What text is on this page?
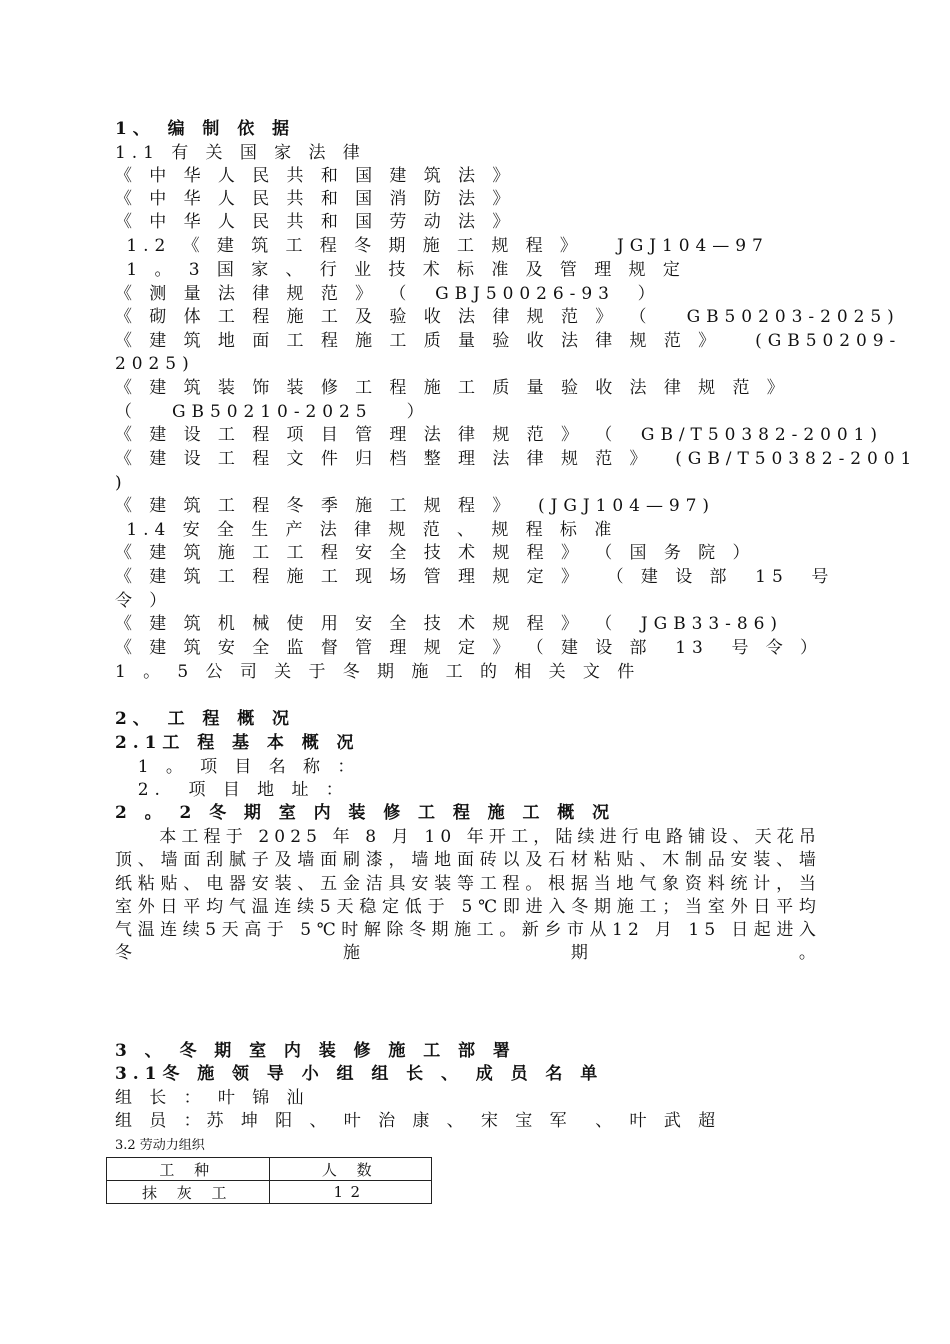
1、 编 制 依 据
1.1 有 关 国 家 法 律
《 中 华 人 民 共 和 国 建 筑 法 》
《 中 华 人 民 共 和 国 消 防 法 》
《 中 华 人 民 共 和 国 劳 动 法 》
1.2 《 建 筑 工 程 冬 期 施 工 规 程 》   JGJ104—97
1 。 3 国 家 、 行 业 技 术 标 准 及 管 理 规 定
《 测 量 法 律 规 范 》 （  GBJ50026-93  ）
《 砌 体 工 程 施 工 及 验 收 法 律 规 范 》 （   GB50203-2025)
《 建 筑 地 面 工 程 施 工 质 量 验 收 法 律 规 范 》   (GB50209-
2025)
《 建 筑 装 饰 装 修 工 程 施 工 质 量 验 收 法 律 规 范 》
（   GB50210-2025   ）
《 建 设 工 程 项 目 管 理 法 律 规 范 》 （  GB/T50382-2001)
《 建 设 工 程 文 件 归 档 整 理 法 律 规 范 》  (GB/T50382-2001
)
《 建 筑 工 程 冬 季 施 工 规 程 》  (JGJ104—97)
1.4 安 全 生 产 法 律 规 范 、 规 程 标 准
《 建 筑 施 工 工 程 安 全 技 术 规 程 》 （ 国 务 院 ）
《 建 筑 工 程 施 工 现 场 管 理 规 定 》  （ 建 设 部  15  号
令 ）
《 建 筑 机 械 使 用 安 全 技 术 规 程 》 （  JGB33-86)
《 建 筑 安 全 监 督 管 理 规 定 》 （ 建 设 部  13  号 令 ）
1 。 5 公 司 关 于 冬 期 施 工 的 相 关 文 件
2、 工 程 概 况
2.1工 程 基 本 概 况
1 。 项 目 名 称 ：
2.  项 目 地 址 ：
2 。 2 冬 期 室 内 装 修 工 程 施 工 概 况
　　本工程于 2025 年 8 月 10 年开工，陆续进行电路铺设、天花吊顶、墙面刮腻子及墙面刷漆，墙地面砖以及石材粘贴、木制品安装、墙纸粘贴、电器安装、五金洁具安装等工程。根据当地气象资料统计，当室外日平均气温连续5天稳定低于 5℃即进入冬期施工；当室外日平均气温连续5天高于 5℃时解除冬期施工。新乡市从12 月 15 日起进入冬施期。
3 、 冬 期 室 内 装 修 施 工 部 署
3.1冬 施 领 导 小 组 组 长 、 成 员 名 单
组 长 ： 叶 锦 汕
组 员 ：苏 坤 阳 、 叶 治 康 、 宋 宝 军  、 叶 武 超
3.2 劳动力组织
工 种	人 数
抹 灰 工	12
